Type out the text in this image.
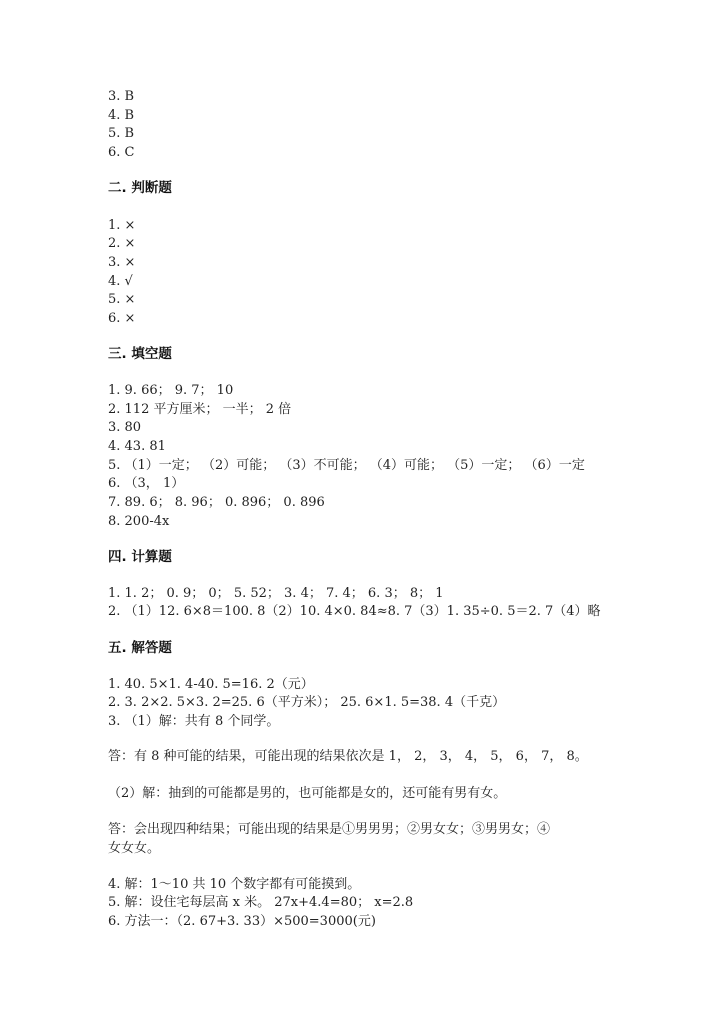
3. B
4. B
5. B
6. C
二. 判断题
1. ×
2. ×
3. ×
4. √
5. ×
6. ×
三. 填空题
1. 9. 66； 9. 7； 10
2. 112 平方厘米； 一半； 2 倍
3. 80
4. 43. 81
5. （1）一定； （2）可能； （3）不可能； （4）可能； （5）一定； （6）一定
6. （3， 1）
7. 89. 6； 8. 96； 0. 896； 0. 896
8. 200-4x
四. 计算题
1. 1. 2； 0. 9； 0； 5. 52； 3. 4； 7. 4； 6. 3； 8； 1
2. （1）12. 6×8＝100. 8（2）10. 4×0. 84≈8. 7（3）1. 35÷0. 5＝2. 7（4）略
五. 解答题
1. 40. 5×1. 4-40. 5=16. 2（元）
2. 3. 2×2. 5×3. 2=25. 6（平方米）； 25. 6×1. 5=38. 4（千克）
3. （1）解：共有 8 个同学。
答：有 8 种可能的结果，可能出现的结果依次是 1， 2， 3， 4， 5， 6， 7， 8。
（2）解：抽到的可能都是男的，也可能都是女的，还可能有男有女。
答：会出现四种结果；可能出现的结果是①男男男；②男女女；③男男女；④
女女女。
4. 解：1～10 共 10 个数字都有可能摸到。
5. 解：设住宅每层高 x 米。 27x+4.4=80； x=2.8
6. 方法一：（2. 67+3. 33）×500=3000(元)
